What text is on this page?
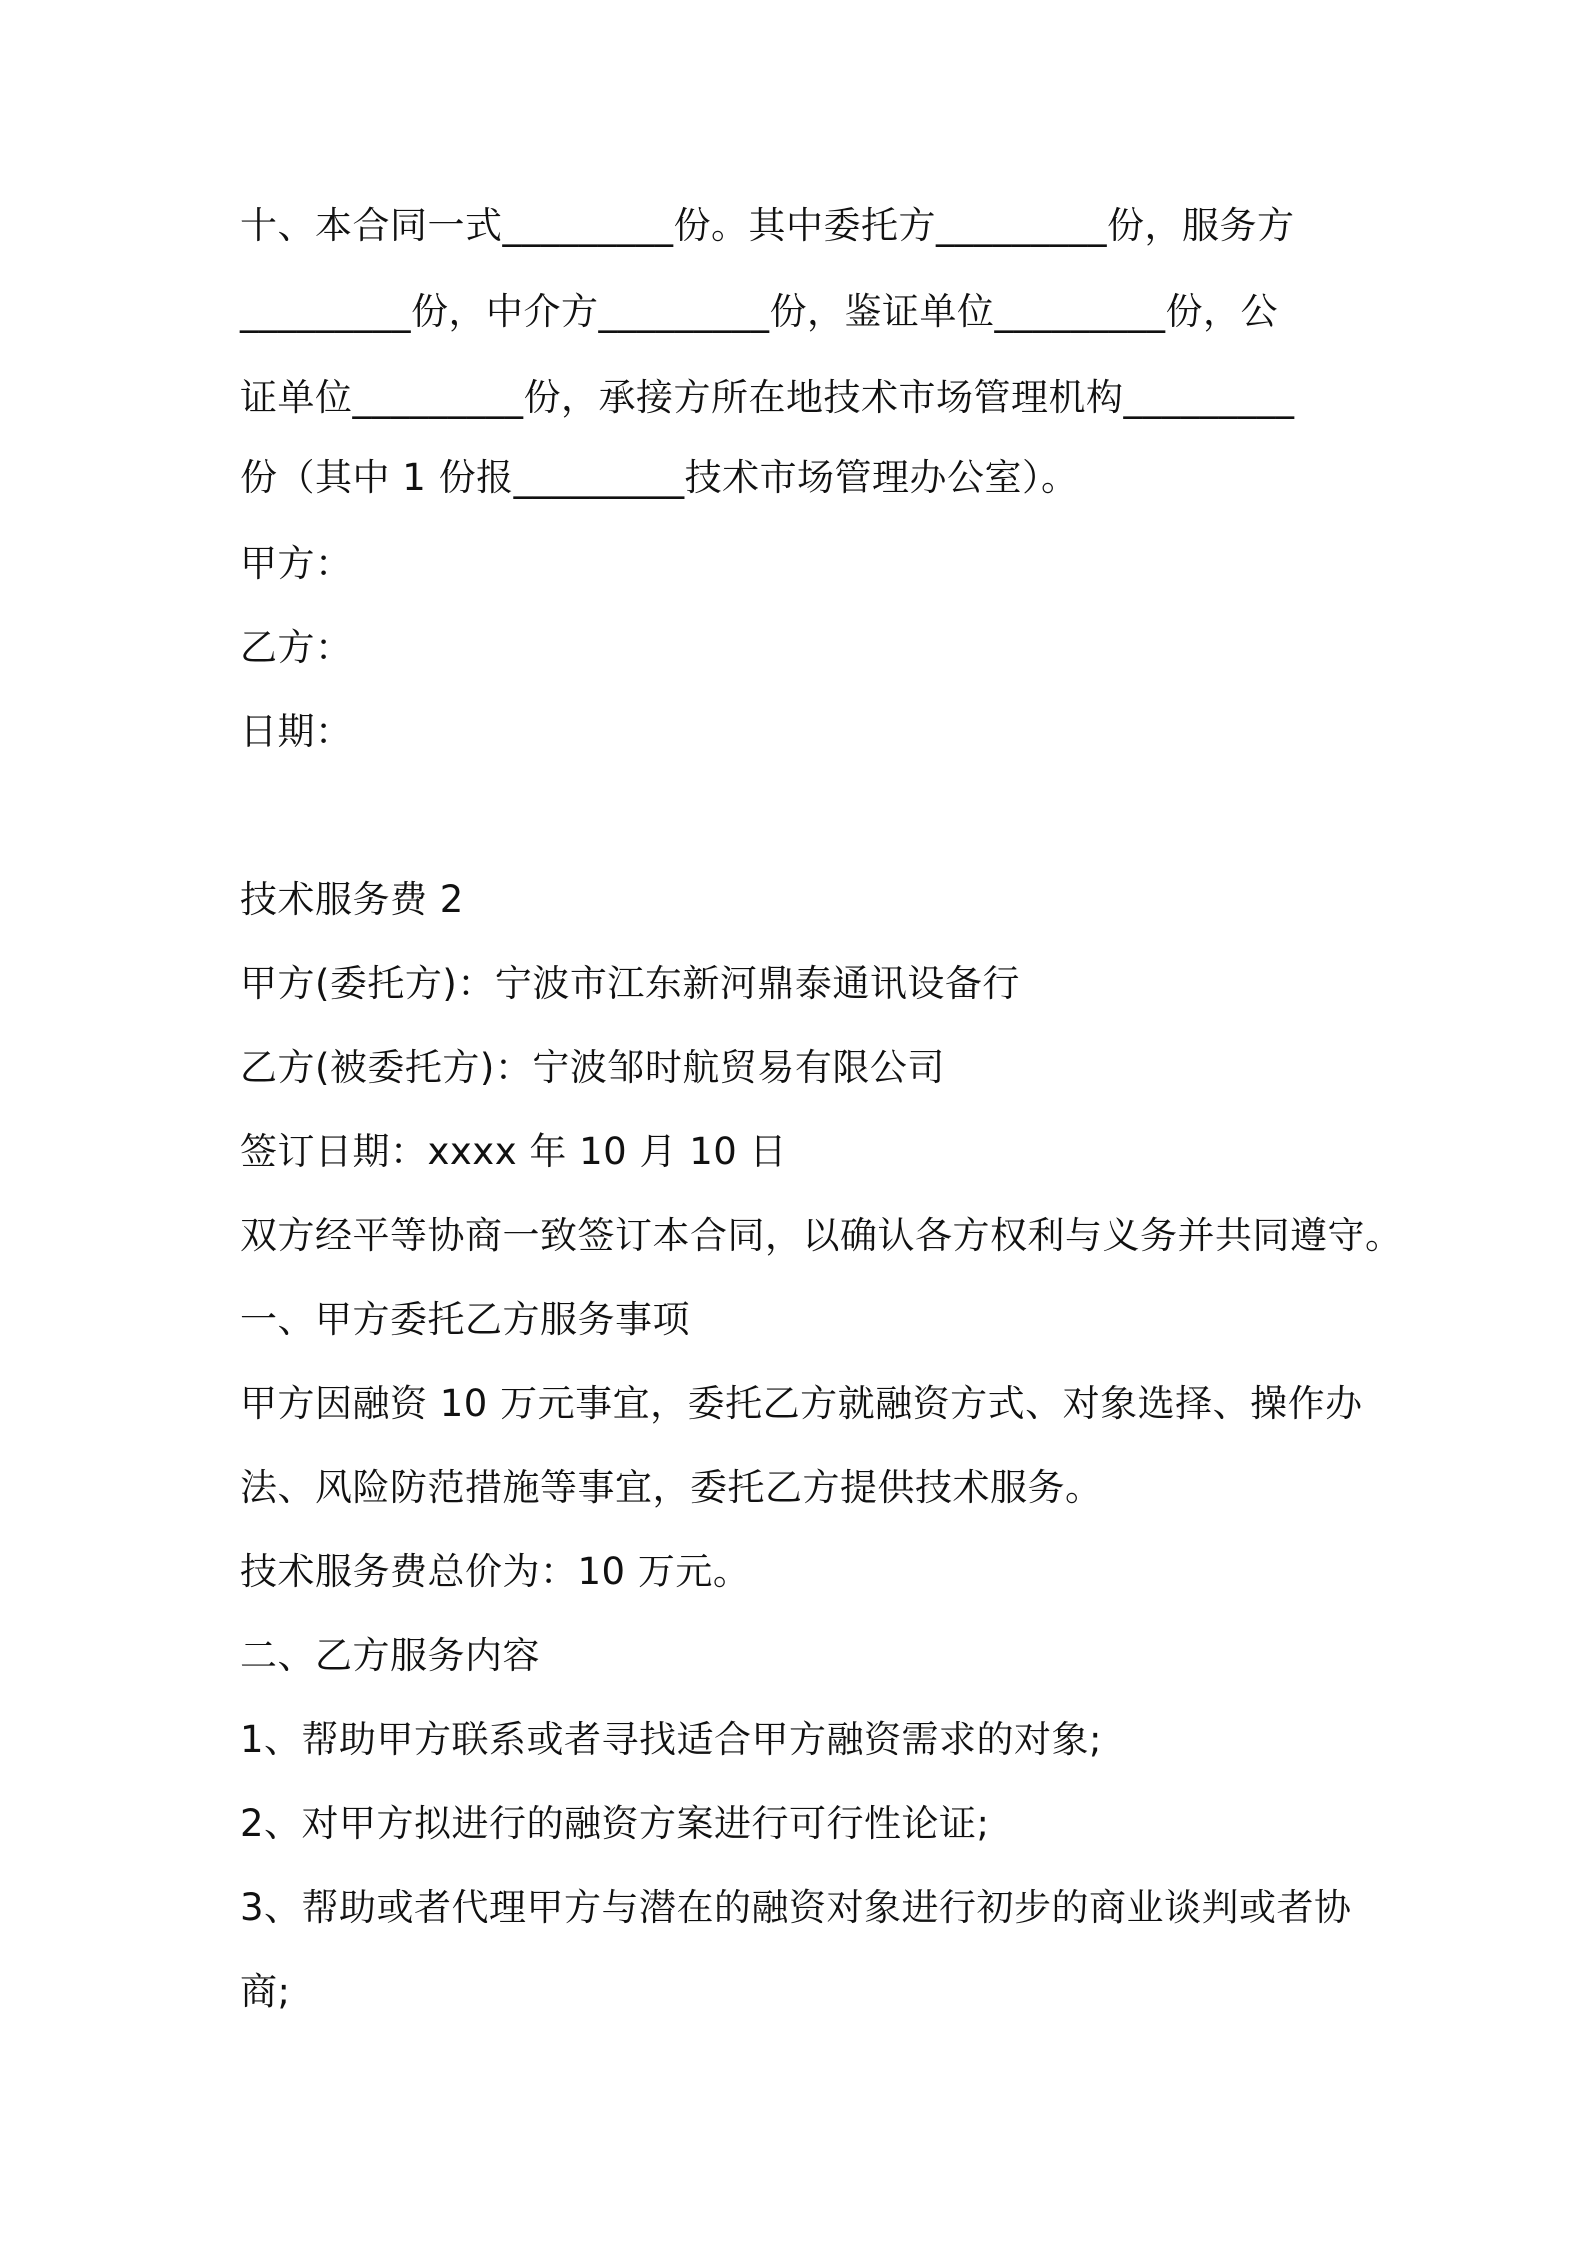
十、本合同一式_________份。其中委托方_________份，服务方
_________份，中介方_________份，鉴证单位_________份，公
证单位_________份，承接方所在地技术市场管理机构_________
份（其中 1 份报_________技术市场管理办公室）。
甲方：
乙方：
日期：
技术服务费 2
甲方(委托方)：宁波市江东新河鼎泰通讯设备行
乙方(被委托方)：宁波邹时航贸易有限公司
签订日期：xxxx 年 10 月 10 日
双方经平等协商一致签订本合同，以确认各方权利与义务并共同遵守。
一、甲方委托乙方服务事项
甲方因融资 10 万元事宜，委托乙方就融资方式、对象选择、操作办
法、风险防范措施等事宜，委托乙方提供技术服务。
技术服务费总价为：10 万元。
二、乙方服务内容
1、帮助甲方联系或者寻找适合甲方融资需求的对象;
2、对甲方拟进行的融资方案进行可行性论证;
3、帮助或者代理甲方与潜在的融资对象进行初步的商业谈判或者协
商;
